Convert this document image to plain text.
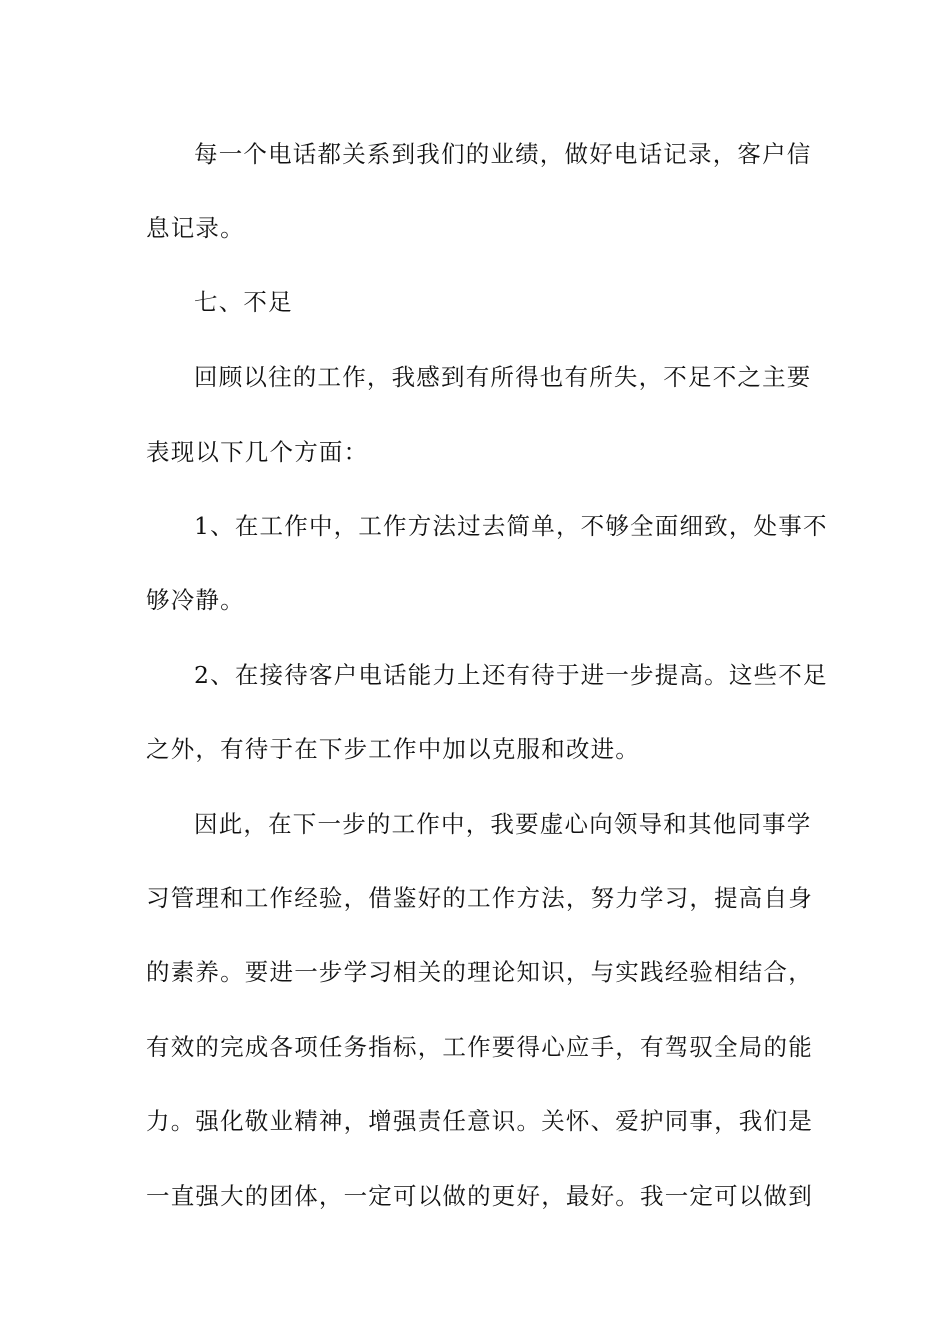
每一个电话都关系到我们的业绩，做好电话记录，客户信
息记录。
七、不足
回顾以往的工作，我感到有所得也有所失，不足不之主要
表现以下几个方面：
1、在工作中，工作方法过去简单，不够全面细致，处事不
够冷静。
2、在接待客户电话能力上还有待于进一步提高。这些不足
之外，有待于在下步工作中加以克服和改进。
因此，在下一步的工作中，我要虚心向领导和其他同事学
习管理和工作经验，借鉴好的工作方法，努力学习，提高自身
的素养。要进一步学习相关的理论知识，与实践经验相结合，
有效的完成各项任务指标，工作要得心应手，有驾驭全局的能
力。强化敬业精神，增强责任意识。关怀、爱护同事，我们是
一直强大的团体，一定可以做的更好，最好。我一定可以做到
